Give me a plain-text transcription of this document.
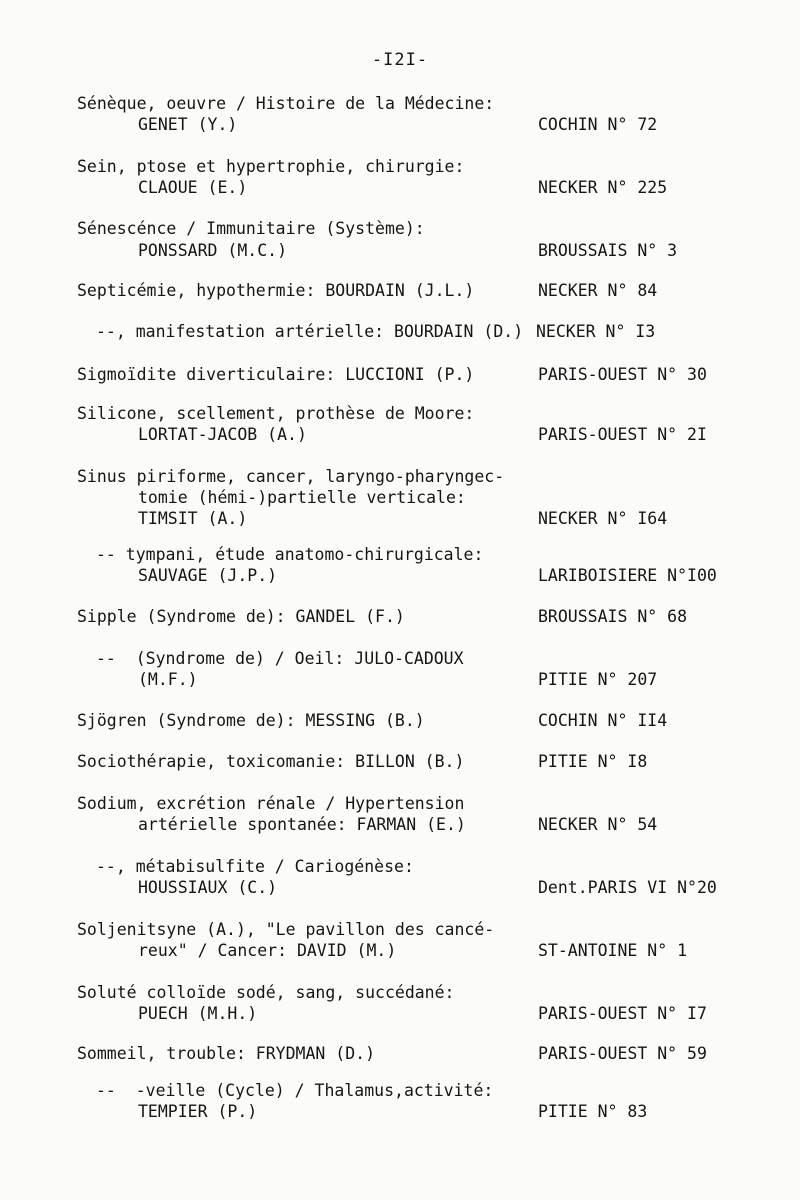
-I2I-
Sénèque, oeuvre / Histoire de la Médecine:
GENET (Y.)	COCHIN N° 72
Sein, ptose et hypertrophie, chirurgie:
CLAOUE (E.)	NECKER N° 225
Sénescénce / Immunitaire (Système):
PONSSARD (M.C.)	BROUSSAIS N° 3
Septicémie, hypothermie: BOURDAIN (J.L.)	NECKER N° 84
--, manifestation artérielle: BOURDAIN (D.) NECKER N° I3
Sigmoïdite diverticulaire: LUCCIONI (P.)	PARIS-OUEST N° 30
Silicone, scellement, prothèse de Moore:
LORTAT-JACOB (A.)	PARIS-OUEST N° 2I
Sinus piriforme, cancer, laryngo-pharyngec-
tomie (hémi-)partielle verticale:
TIMSIT (A.)	NECKER N° I64
-- tympani, étude anatomo-chirurgicale:
SAUVAGE (J.P.)	LARIBOISIERE N°I00
Sipple (Syndrome de): GANDEL (F.)	BROUSSAIS N° 68
--  (Syndrome de) / Oeil: JULO-CADOUX
(M.F.)	PITIE N° 207
Sjögren (Syndrome de): MESSING (B.)	COCHIN N° II4
Sociothérapie, toxicomanie: BILLON (B.)	PITIE N° I8
Sodium, excrétion rénale / Hypertension
artérielle spontanée: FARMAN (E.)	NECKER N° 54
--, métabisulfite / Cariogénèse:
HOUSSIAUX (C.)	Dent.PARIS VI N°20
Soljenitsyne (A.), "Le pavillon des cancé-
reux" / Cancer: DAVID (M.)	ST-ANTOINE N° 1
Soluté colloïde sodé, sang, succédané:
PUECH (M.H.)	PARIS-OUEST N° I7
Sommeil, trouble: FRYDMAN (D.)	PARIS-OUEST N° 59
--  -veille (Cycle) / Thalamus,activité:
TEMPIER (P.)	PITIE N° 83
